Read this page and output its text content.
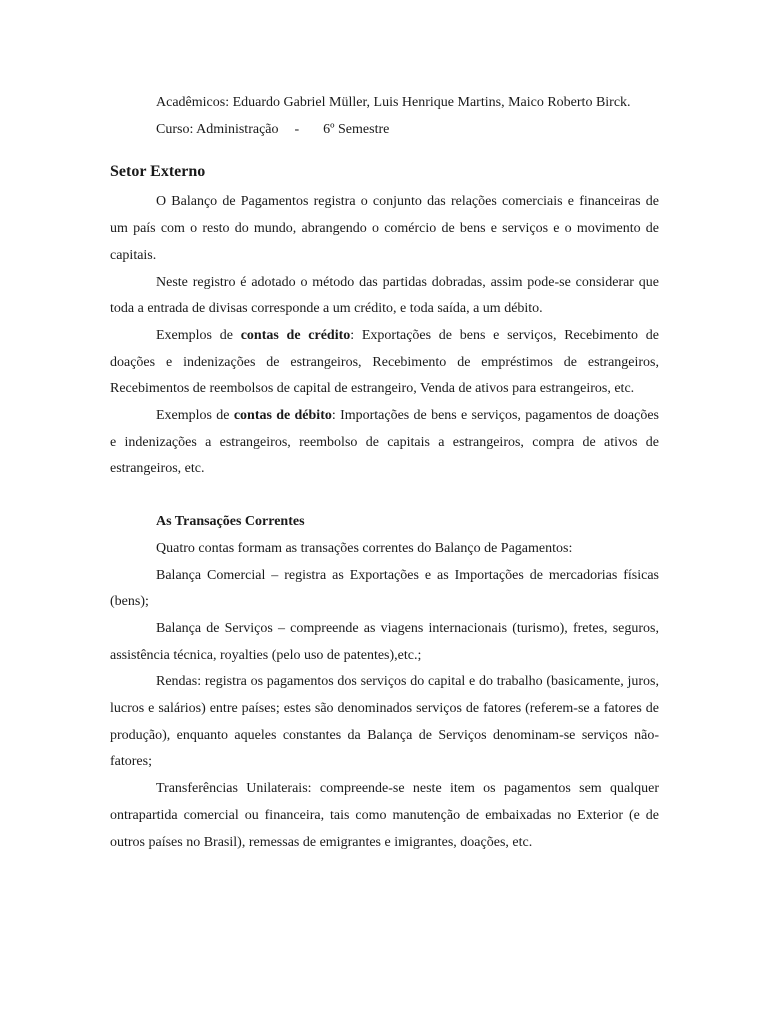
Acadêmicos: Eduardo Gabriel Müller, Luis Henrique Martins, Maico Roberto Birck.

Curso: Administração - 6º Semestre

Setor Externo

O Balanço de Pagamentos registra o conjunto das relações comerciais e financeiras de um país com o resto do mundo, abrangendo o comércio de bens e serviços e o movimento de capitais.

Neste registro é adotado o método das partidas dobradas, assim pode-se considerar que toda a entrada de divisas corresponde a um crédito, e toda saída, a um débito.

Exemplos de contas de crédito: Exportações de bens e serviços, Recebimento de doações e indenizações de estrangeiros, Recebimento de empréstimos de estrangeiros, Recebimentos de reembolsos de capital de estrangeiro, Venda de ativos para estrangeiros, etc.

Exemplos de contas de débito: Importações de bens e serviços, pagamentos de doações e indenizações a estrangeiros, reembolso de capitais a estrangeiros, compra de ativos de estrangeiros, etc.

As Transações Correntes

Quatro contas formam as transações correntes do Balanço de Pagamentos:

Balança Comercial – registra as Exportações e as Importações de mercadorias físicas (bens);

Balança de Serviços – compreende as viagens internacionais (turismo), fretes, seguros, assistência técnica, royalties (pelo uso de patentes),etc.;

Rendas: registra os pagamentos dos serviços do capital e do trabalho (basicamente, juros, lucros e salários) entre países; estes são denominados serviços de fatores (referem-se a fatores de produção), enquanto aqueles constantes da Balança de Serviços denominam-se serviços não-fatores;

Transferências Unilaterais: compreende-se neste item os pagamentos sem qualquer ontrapartida comercial ou financeira, tais como manutenção de embaixadas no Exterior (e de outros países no Brasil), remessas de emigrantes e imigrantes, doações, etc.
